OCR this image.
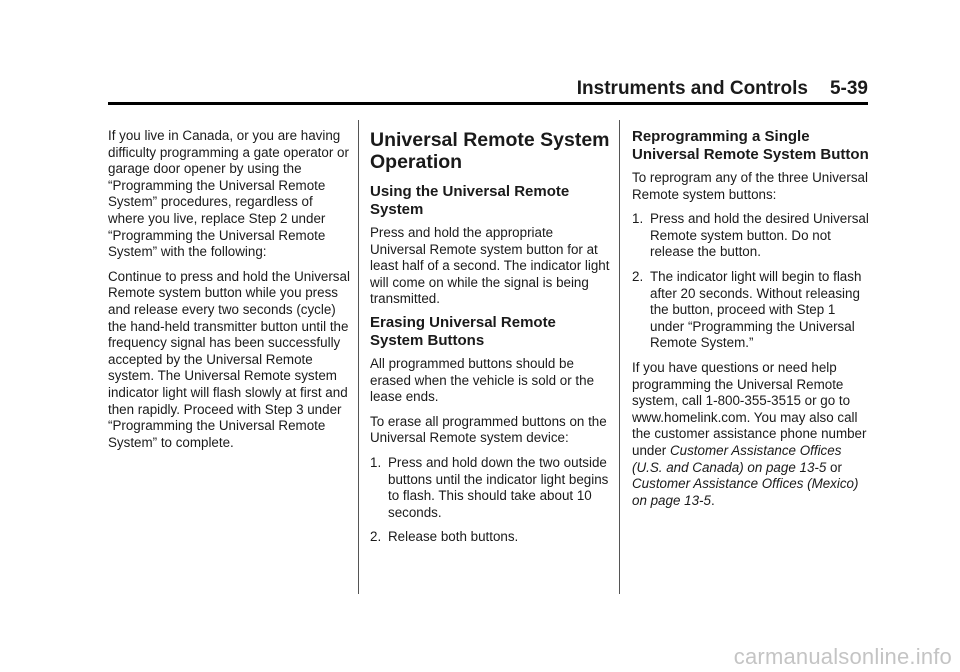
Instruments and Controls 5-39

If you live in Canada, or you are having difficulty programming a gate operator or garage door opener by using the “Programming the Universal Remote System” procedures, regardless of where you live, replace Step 2 under “Programming the Universal Remote System” with the following:

Continue to press and hold the Universal Remote system button while you press and release every two seconds (cycle) the hand-held transmitter button until the frequency signal has been successfully accepted by the Universal Remote system. The Universal Remote system indicator light will flash slowly at first and then rapidly. Proceed with Step 3 under “Programming the Universal Remote System” to complete.

Universal Remote System Operation
Using the Universal Remote System

Press and hold the appropriate Universal Remote system button for at least half of a second. The indicator light will come on while the signal is being transmitted.

Erasing Universal Remote System Buttons

All programmed buttons should be erased when the vehicle is sold or the lease ends.

To erase all programmed buttons on the Universal Remote system device:

1. Press and hold down the two outside buttons until the indicator light begins to flash. This should take about 10 seconds.
2. Release both buttons.
Reprogramming a Single Universal Remote System Button

To reprogram any of the three Universal Remote system buttons:

1. Press and hold the desired Universal Remote system button. Do not release the button.
2. The indicator light will begin to flash after 20 seconds. Without releasing the button, proceed with Step 1 under “Programming the Universal Remote System.”

If you have questions or need help programming the Universal Remote system, call 1-800-355-3515 or go to www.homelink.com. You may also call the customer assistance phone number under Customer Assistance Offices (U.S. and Canada) on page 13-5 or Customer Assistance Offices (Mexico) on page 13-5.

carmanualsonline.info
